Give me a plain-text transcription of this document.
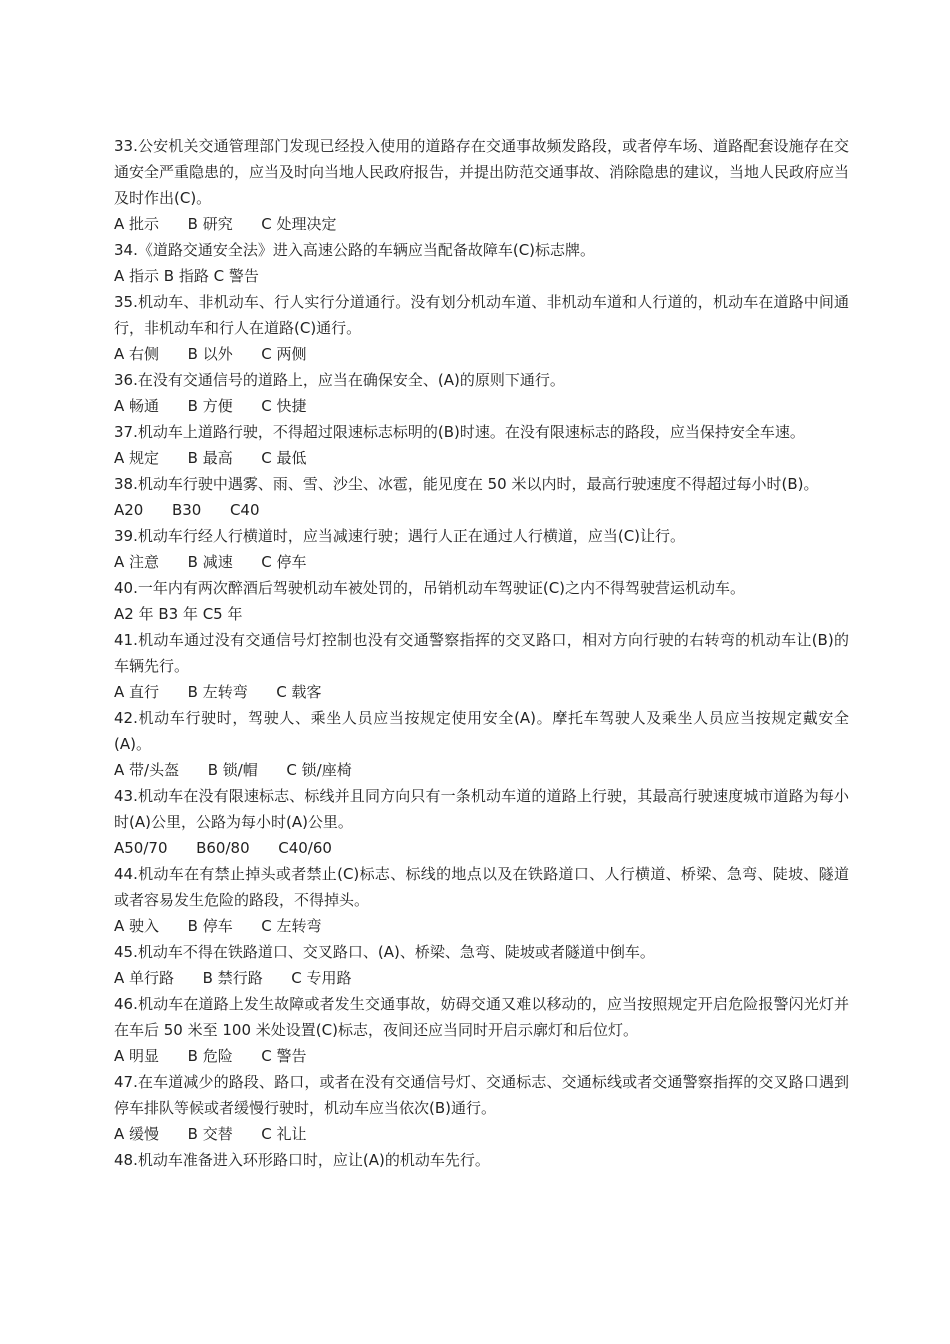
33.公安机关交通管理部门发现已经投入使用的道路存在交通事故频发路段，或者停车场、道路配套设施存在交通安全严重隐患的，应当及时向当地人民政府报告，并提出防范交通事故、消除隐患的建议，当地人民政府应当及时作出(C)。

A 批示      B 研究      C 处理决定

34.《道路交通安全法》进入高速公路的车辆应当配备故障车(C)标志牌。

A 指示 B 指路 C 警告

35.机动车、非机动车、行人实行分道通行。没有划分机动车道、非机动车道和人行道的，机动车在道路中间通行，非机动车和行人在道路(C)通行。

A 右侧      B 以外      C 两侧

36.在没有交通信号的道路上，应当在确保安全、(A)的原则下通行。

A 畅通      B 方便      C 快捷

37.机动车上道路行驶，不得超过限速标志标明的(B)时速。在没有限速标志的路段，应当保持安全车速。

A 规定      B 最高      C 最低

38.机动车行驶中遇雾、雨、雪、沙尘、冰雹，能见度在 50 米以内时，最高行驶速度不得超过每小时(B)。

A20      B30      C40

39.机动车行经人行横道时，应当减速行驶；遇行人正在通过人行横道，应当(C)让行。

A 注意      B 减速      C 停车

40.一年内有两次醉酒后驾驶机动车被处罚的，吊销机动车驾驶证(C)之内不得驾驶营运机动车。

A2 年 B3 年 C5 年

41.机动车通过没有交通信号灯控制也没有交通警察指挥的交叉路口，相对方向行驶的右转弯的机动车让(B)的车辆先行。

A 直行      B 左转弯      C 载客

42.机动车行驶时，驾驶人、乘坐人员应当按规定使用安全(A)。摩托车驾驶人及乘坐人员应当按规定戴安全(A)。

A 带/头盔      B 锁/帽      C 锁/座椅

43.机动车在没有限速标志、标线并且同方向只有一条机动车道的道路上行驶，其最高行驶速度城市道路为每小时(A)公里，公路为每小时(A)公里。

A50/70      B60/80      C40/60

44.机动车在有禁止掉头或者禁止(C)标志、标线的地点以及在铁路道口、人行横道、桥梁、急弯、陡坡、隧道或者容易发生危险的路段，不得掉头。

A 驶入      B 停车      C 左转弯

45.机动车不得在铁路道口、交叉路口、(A)、桥梁、急弯、陡坡或者隧道中倒车。

A 单行路      B 禁行路      C 专用路

46.机动车在道路上发生故障或者发生交通事故，妨碍交通又难以移动的，应当按照规定开启危险报警闪光灯并在车后 50 米至 100 米处设置(C)标志，夜间还应当同时开启示廓灯和后位灯。

A 明显      B 危险      C 警告

47.在车道减少的路段、路口，或者在没有交通信号灯、交通标志、交通标线或者交通警察指挥的交叉路口遇到停车排队等候或者缓慢行驶时，机动车应当依次(B)通行。

A 缓慢      B 交替      C 礼让

48.机动车准备进入环形路口时，应让(A)的机动车先行。
